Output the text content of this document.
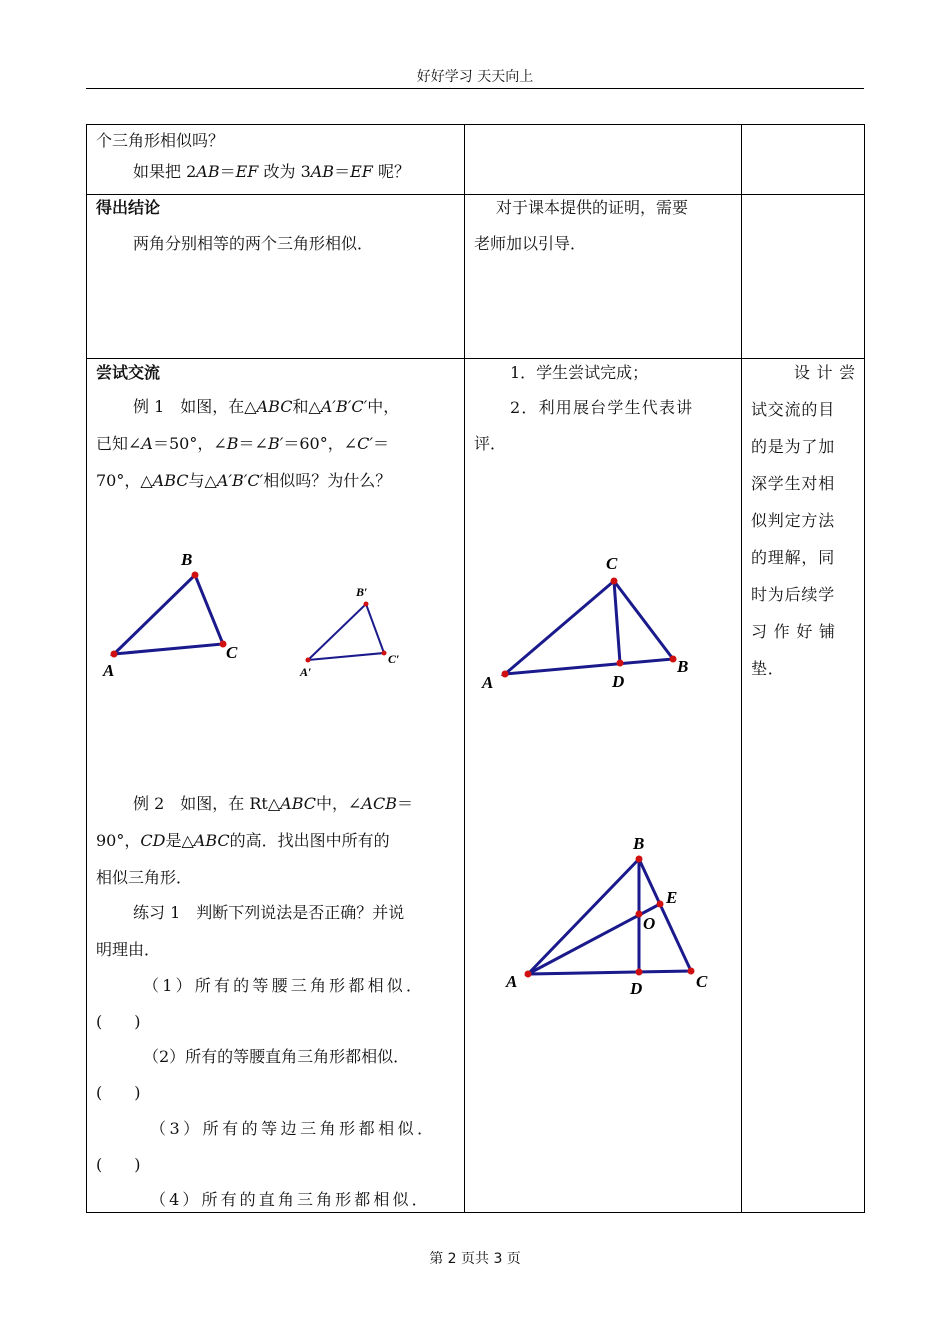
好好学习 天天向上
个三角形相似吗？
如果把 2AB＝EF 改为 3AB＝EF 呢？
得出结论
两角分别相等的两个三角形相似．
对于课本提供的证明，需要
老师加以引导．
尝试交流
例 1　如图，在△ABC和△A′B′C′中，
已知∠A＝50°，∠B＝∠B′＝60°，∠C′＝
70°，△ABC与△A′B′C′相似吗？为什么？
A
B
C
A′
B′
C′
例 2　如图，在 Rt△ABC中，∠ACB＝
90°，CD是△ABC的高．找出图中所有的
相似三角形．
练习 1　判断下列说法是否正确？并说
明理由．
（1）所有的等腰三角形都相似．
(　　)
（2）所有的等腰直角三角形都相似．
(　　)
（3）所有的等边三角形都相似．
(　　)
（4）所有的直角三角形都相似．
1．学生尝试完成；
2．利用展台学生代表讲
评．
A
C
B
D
A
B
C
D
E
O
设 计 尝
试交流的目
的是为了加
深学生对相
似判定方法
的理解，同
时为后续学
习 作 好 铺
垫．
第 2 页共 3 页
